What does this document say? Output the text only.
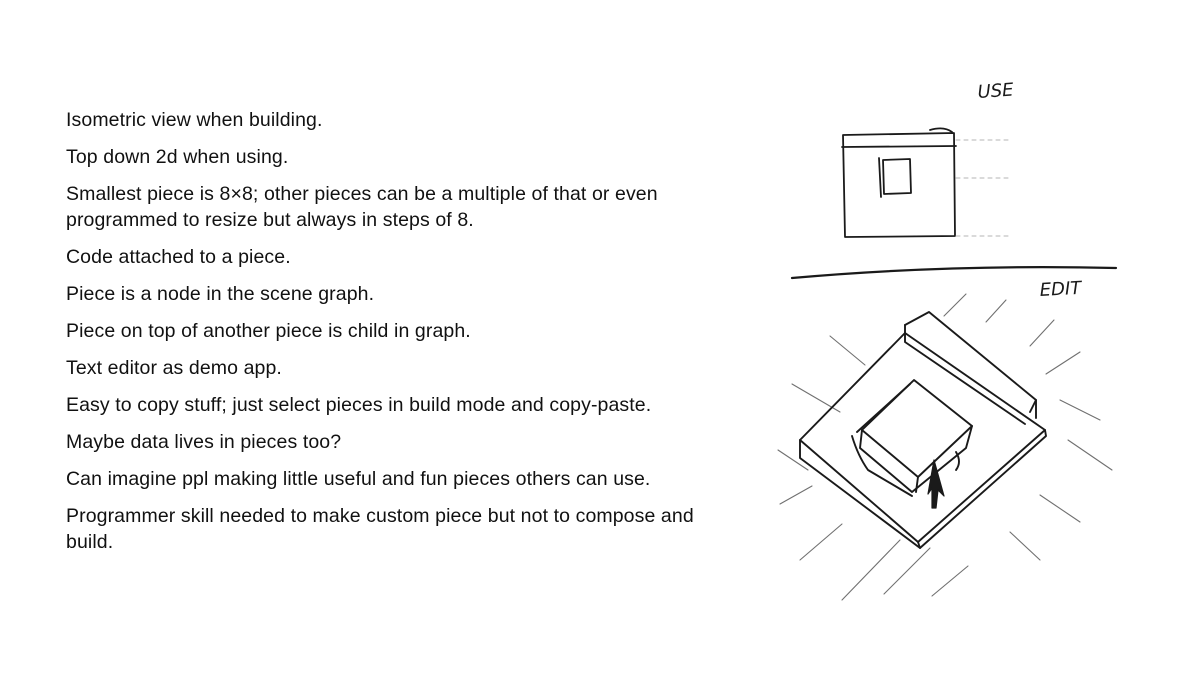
Isometric view when building.
Top down 2d when using.
Smallest piece is 8×8; other pieces can be a multiple of that or even programmed to resize but always in steps of 8.
Code attached to a piece.
Piece is a node in the scene graph.
Piece on top of another piece is child in graph.
Text editor as demo app.
Easy to copy stuff; just select pieces in build mode and copy-paste.
Maybe data lives in pieces too?
Can imagine ppl making little useful and fun pieces others can use.
Programmer skill needed to make custom piece but not to compose and build.
USE
EDIT
